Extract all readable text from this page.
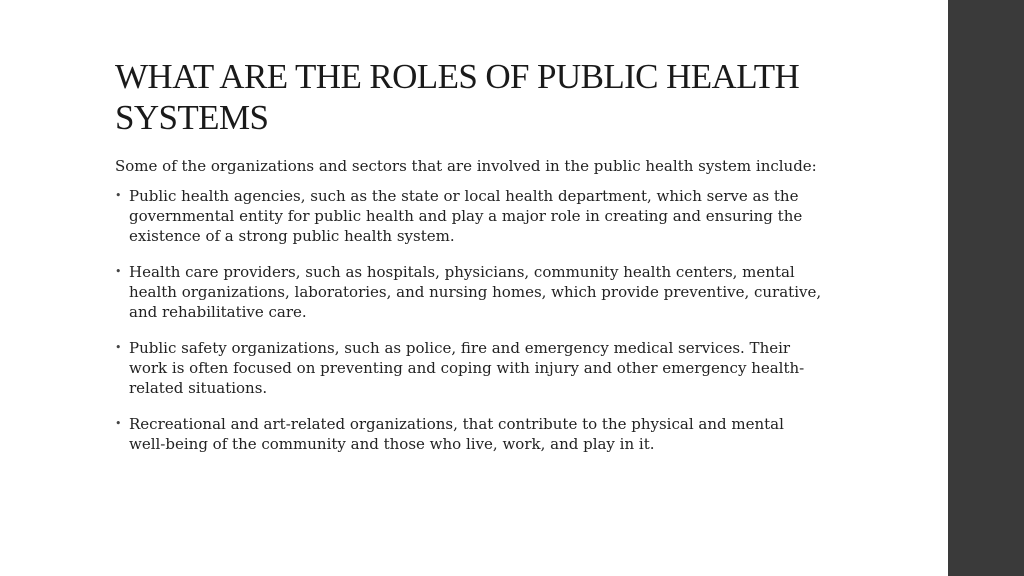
WHAT ARE THE ROLES OF PUBLIC HEALTH SYSTEMS

Some of the organizations and sectors that are involved in the public health system include:

• Public health agencies, such as the state or local health department, which serve as the governmental entity for public health and play a major role in creating and ensuring the existence of a strong public health system.
• Health care providers, such as hospitals, physicians, community health centers, mental health organizations, laboratories, and nursing homes, which provide preventive, curative, and rehabilitative care.
• Public safety organizations, such as police, fire and emergency medical services. Their work is often focused on preventing and coping with injury and other emergency health-related situations.
• Recreational and art-related organizations, that contribute to the physical and mental well-being of the community and those who live, work, and play in it.
